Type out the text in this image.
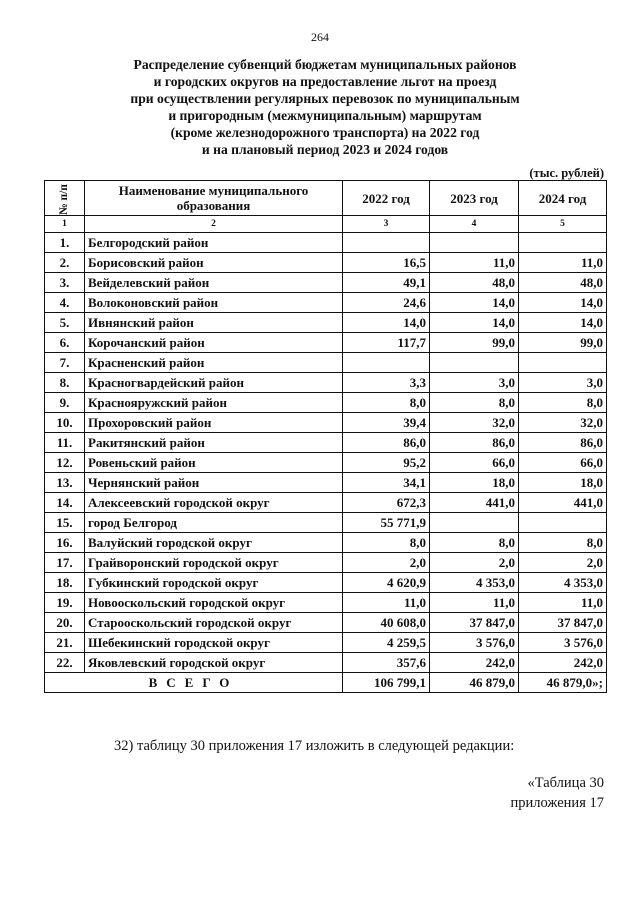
264
Распределение субвенций бюджетам муниципальных районов
и городских округов на предоставление льгот на проезд
при осуществлении регулярных перевозок по муниципальным
и пригородным (межмуниципальным) маршрутам
(кроме железнодорожного транспорта) на 2022 год
и на плановый период 2023 и 2024 годов
(тыс. рублей)
№ п/п	Наименование муниципального образования	2022 год	2023 год	2024 год
1	2	3	4	5
1.	Белгородский район			
2.	Борисовский район	16,5	11,0	11,0
3.	Вейделевский район	49,1	48,0	48,0
4.	Волоконовский район	24,6	14,0	14,0
5.	Ивнянский район	14,0	14,0	14,0
6.	Корочанский район	117,7	99,0	99,0
7.	Красненский район			
8.	Красногвардейский район	3,3	3,0	3,0
9.	Краснояружский район	8,0	8,0	8,0
10.	Прохоровский район	39,4	32,0	32,0
11.	Ракитянский район	86,0	86,0	86,0
12.	Ровеньский район	95,2	66,0	66,0
13.	Чернянский район	34,1	18,0	18,0
14.	Алексеевский городской округ	672,3	441,0	441,0
15.	город Белгород	55 771,9		
16.	Валуйский городской округ	8,0	8,0	8,0
17.	Грайворонский городской округ	2,0	2,0	2,0
18.	Губкинский городской округ	4 620,9	4 353,0	4 353,0
19.	Новооскольский городской округ	11,0	11,0	11,0
20.	Старооскольский городской округ	40 608,0	37 847,0	37 847,0
21.	Шебекинский городской округ	4 259,5	3 576,0	3 576,0
22.	Яковлевский городской округ	357,6	242,0	242,0
ВСЕГО		106 799,1	46 879,0	46 879,0»;
32) таблицу 30 приложения 17 изложить в следующей редакции:
«Таблица 30
приложения 17
